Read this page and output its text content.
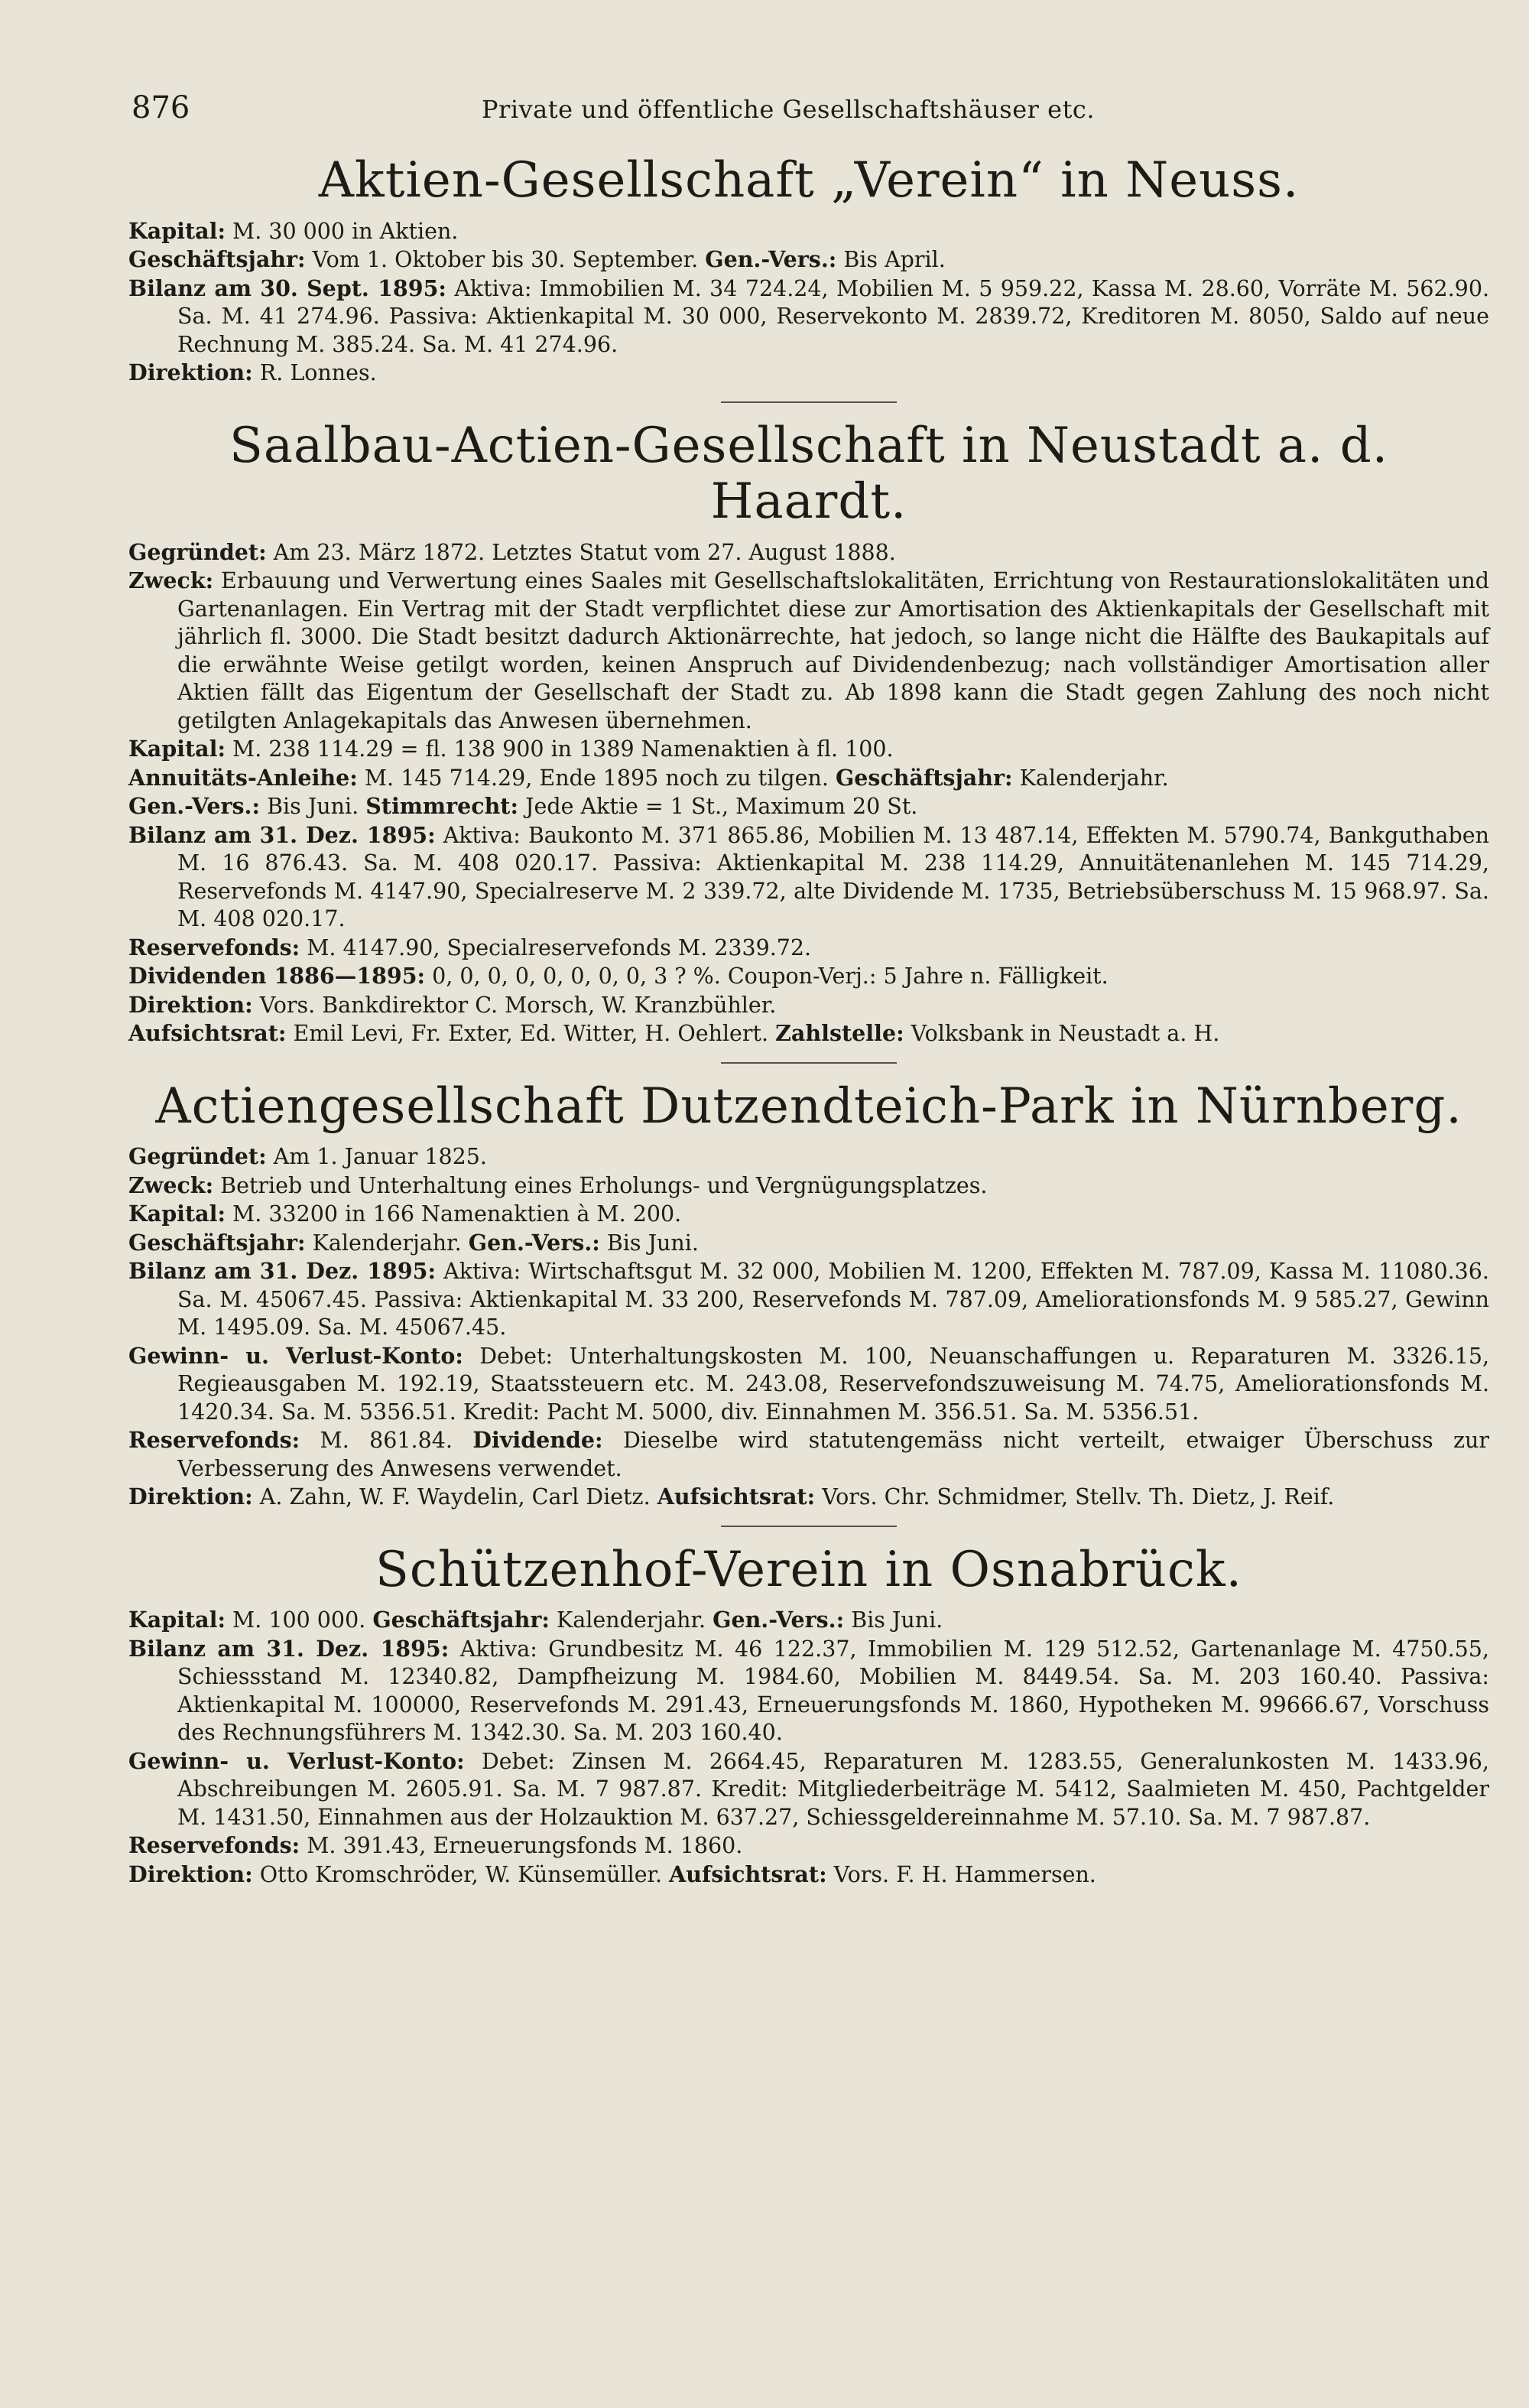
876	Private und öffentliche Gesellschaftshäuser etc.
Aktien-Gesellschaft „Verein“ in Neuss.

Kapital: M. 30 000 in Aktien.

Geschäftsjahr: Vom 1. Oktober bis 30. September. Gen.-Vers.: Bis April.

Bilanz am 30. Sept. 1895: Aktiva: Immobilien M. 34 724.24, Mobilien M. 5 959.22, Kassa M. 28.60, Vorräte M. 562.90. Sa. M. 41 274.96. Passiva: Aktienkapital M. 30 000, Reservekonto M. 2839.72, Kreditoren M. 8050, Saldo auf neue Rechnung M. 385.24. Sa. M. 41 274.96.

Direktion: R. Lonnes.

Saalbau-Actien-Gesellschaft in Neustadt a. d. Haardt.

Gegründet: Am 23. März 1872. Letztes Statut vom 27. August 1888.

Zweck: Erbauung und Verwertung eines Saales mit Gesellschaftslokalitäten, Errichtung von Restaurationslokalitäten und Gartenanlagen. Ein Vertrag mit der Stadt verpflichtet diese zur Amortisation des Aktienkapitals der Gesellschaft mit jährlich fl. 3000. Die Stadt besitzt dadurch Aktionärrechte, hat jedoch, so lange nicht die Hälfte des Baukapitals auf die erwähnte Weise getilgt worden, keinen Anspruch auf Dividendenbezug; nach vollständiger Amortisation aller Aktien fällt das Eigentum der Gesellschaft der Stadt zu. Ab 1898 kann die Stadt gegen Zahlung des noch nicht getilgten Anlagekapitals das Anwesen übernehmen.

Kapital: M. 238 114.29 = fl. 138 900 in 1389 Namenaktien à fl. 100.

Annuitäts-Anleihe: M. 145 714.29, Ende 1895 noch zu tilgen. Geschäftsjahr: Kalenderjahr.

Gen.-Vers.: Bis Juni. Stimmrecht: Jede Aktie = 1 St., Maximum 20 St.

Bilanz am 31. Dez. 1895: Aktiva: Baukonto M. 371 865.86, Mobilien M. 13 487.14, Effekten M. 5790.74, Bankguthaben M. 16 876.43. Sa. M. 408 020.17. Passiva: Aktienkapital M. 238 114.29, Annuitätenanlehen M. 145 714.29, Reservefonds M. 4147.90, Specialreserve M. 2 339.72, alte Dividende M. 1735, Betriebsüberschuss M. 15 968.97. Sa. M. 408 020.17.

Reservefonds: M. 4147.90, Specialreservefonds M. 2339.72.

Dividenden 1886—1895: 0, 0, 0, 0, 0, 0, 0, 0, 3 ? %. Coupon-Verj.: 5 Jahre n. Fälligkeit.

Direktion: Vors. Bankdirektor C. Morsch, W. Kranzbühler.

Aufsichtsrat: Emil Levi, Fr. Exter, Ed. Witter, H. Oehlert. Zahlstelle: Volksbank in Neustadt a. H.

Actiengesellschaft Dutzendteich-Park in Nürnberg.

Gegründet: Am 1. Januar 1825.

Zweck: Betrieb und Unterhaltung eines Erholungs- und Vergnügungsplatzes.

Kapital: M. 33200 in 166 Namenaktien à M. 200.

Geschäftsjahr: Kalenderjahr. Gen.-Vers.: Bis Juni.

Bilanz am 31. Dez. 1895: Aktiva: Wirtschaftsgut M. 32 000, Mobilien M. 1200, Effekten M. 787.09, Kassa M. 11080.36. Sa. M. 45067.45. Passiva: Aktienkapital M. 33 200, Reservefonds M. 787.09, Ameliorationsfonds M. 9 585.27, Gewinn M. 1495.09. Sa. M. 45067.45.

Gewinn- u. Verlust-Konto: Debet: Unterhaltungskosten M. 100, Neuanschaffungen u. Reparaturen M. 3326.15, Regieausgaben M. 192.19, Staatssteuern etc. M. 243.08, Reservefondszuweisung M. 74.75, Ameliorationsfonds M. 1420.34. Sa. M. 5356.51. Kredit: Pacht M. 5000, div. Einnahmen M. 356.51. Sa. M. 5356.51.

Reservefonds: M. 861.84. Dividende: Dieselbe wird statutengemäss nicht verteilt, etwaiger Überschuss zur Verbesserung des Anwesens verwendet.

Direktion: A. Zahn, W. F. Waydelin, Carl Dietz. Aufsichtsrat: Vors. Chr. Schmidmer, Stellv. Th. Dietz, J. Reif.

Schützenhof-Verein in Osnabrück.

Kapital: M. 100 000. Geschäftsjahr: Kalenderjahr. Gen.-Vers.: Bis Juni.

Bilanz am 31. Dez. 1895: Aktiva: Grundbesitz M. 46 122.37, Immobilien M. 129 512.52, Gartenanlage M. 4750.55, Schiessstand M. 12340.82, Dampfheizung M. 1984.60, Mobilien M. 8449.54. Sa. M. 203 160.40. Passiva: Aktienkapital M. 100000, Reservefonds M. 291.43, Erneuerungsfonds M. 1860, Hypotheken M. 99666.67, Vorschuss des Rechnungsführers M. 1342.30. Sa. M. 203 160.40.

Gewinn- u. Verlust-Konto: Debet: Zinsen M. 2664.45, Reparaturen M. 1283.55, Generalunkosten M. 1433.96, Abschreibungen M. 2605.91. Sa. M. 7 987.87. Kredit: Mitgliederbeiträge M. 5412, Saalmieten M. 450, Pachtgelder M. 1431.50, Einnahmen aus der Holzauktion M. 637.27, Schiessgeldereinnahme M. 57.10. Sa. M. 7 987.87.

Reservefonds: M. 391.43, Erneuerungsfonds M. 1860.

Direktion: Otto Kromschröder, W. Künsemüller. Aufsichtsrat: Vors. F. H. Hammersen.
